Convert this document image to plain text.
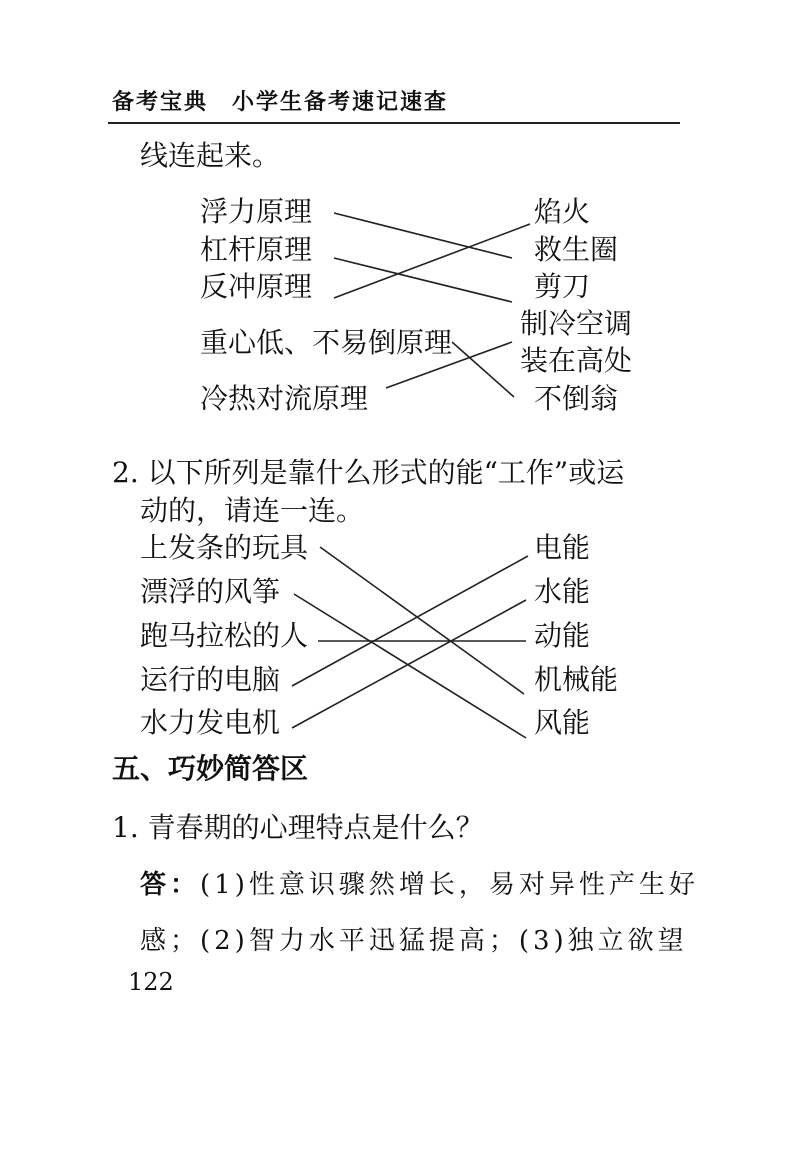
备考宝典　小学生备考速记速查
线连起来。
浮力原理
杠杆原理
反冲原理
重心低、不易倒原理
冷热对流原理
焰火
救生圈
剪刀
制冷空调
装在高处
不倒翁
2. 以下所列是靠什么形式的能“工作”或运
动的，请连一连。
上发条的玩具
漂浮的风筝
跑马拉松的人
运行的电脑
水力发电机
电能
水能
动能
机械能
风能
五、巧妙简答区
1. 青春期的心理特点是什么？
答：(1)性意识骤然增长，易对异性产生好
感；(2)智力水平迅猛提高；(3)独立欲望
122
